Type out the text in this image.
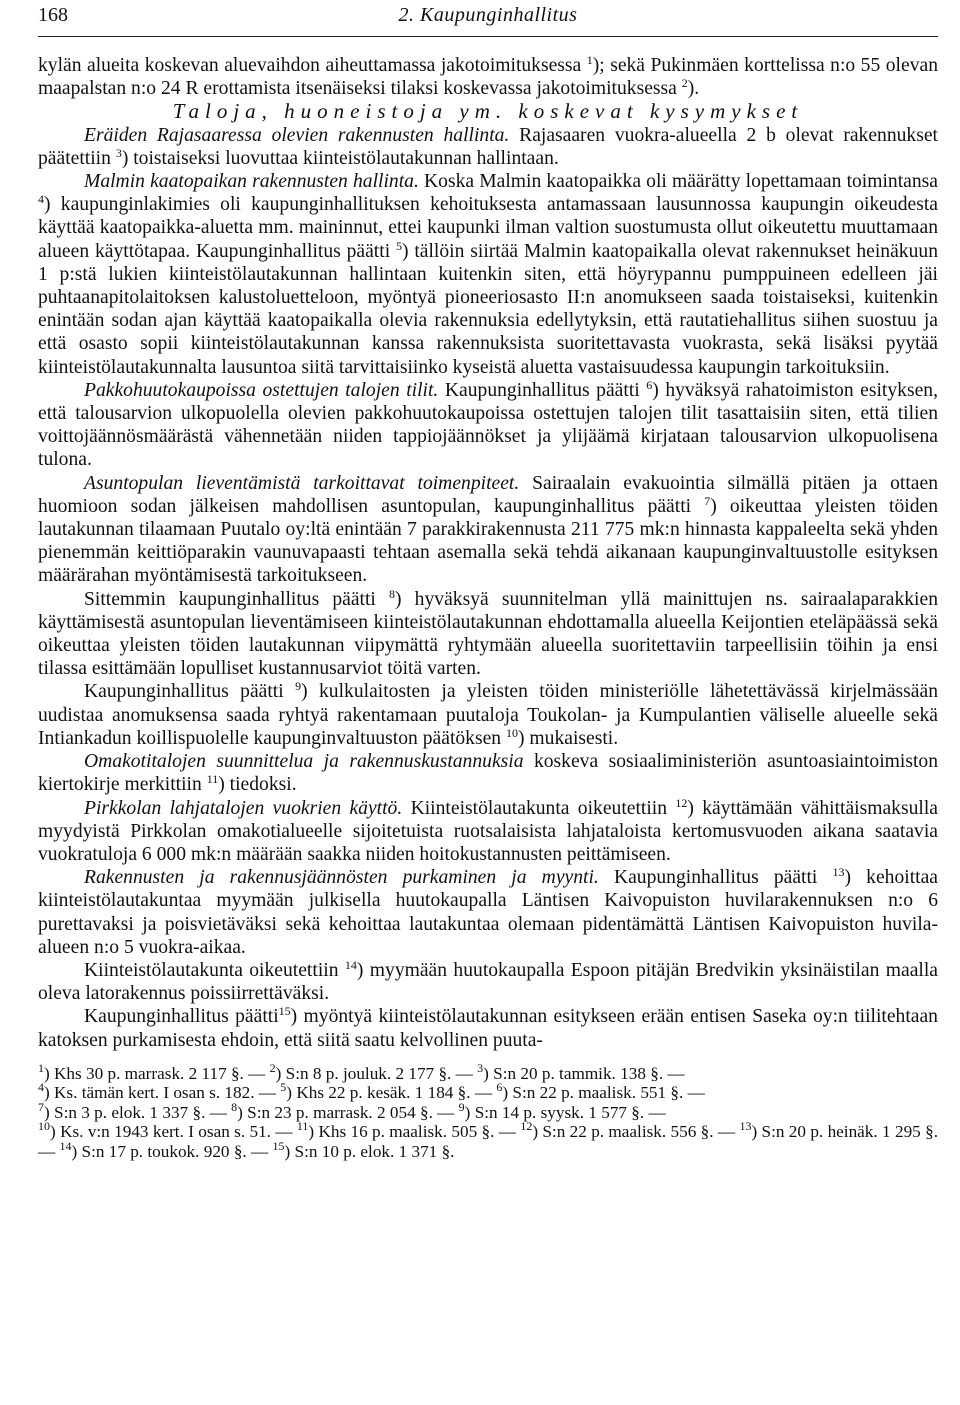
168	2. Kaupunginhallitus

kylän alueita koskevan aluevaihdon aiheuttamassa jakotoimituksessa $^1$); sekä Pukinmäen korttelissa n:o 55 olevan maapalstan n:o 24 R erottamista itsenäiseksi tilaksi koskevassa jakotoimituksessa $^2$).

Taloja, huoneistoja ym. koskevat kysymykset

Eräiden Rajasaaressa olevien rakennusten hallinta. Rajasaaren vuokra-alueella 2 b olevat rakennukset päätettiin $^3$) toistaiseksi luovuttaa kiinteistölautakunnan hallintaan.

Malmin kaatopaikan rakennusten hallinta. Koska Malmin kaatopaikka oli määrätty lopettamaan toimintansa $^4$) kaupunginlakimies oli kaupunginhallituksen kehoituksesta antamassaan lausunnossa kaupungin oikeudesta käyttää kaatopaikka-aluetta mm. maininnut, ettei kaupunki ilman valtion suostumusta ollut oikeutettu muuttamaan alueen käyttötapaa. Kaupunginhallitus päätti $^5$) tällöin siirtää Malmin kaatopaikalla olevat rakennukset heinäkuun 1 p:stä lukien kiinteistölautakunnan hallintaan kuitenkin siten, että höyrypannu pumppuineen edelleen jäi puhtaanapitolaitoksen kalustoluetteloon, myöntyä pioneeriosasto II:n anomukseen saada toistaiseksi, kuitenkin enintään sodan ajan käyttää kaatopaikalla olevia rakennuksia edellytyksin, että rautatiehallitus siihen suostuu ja että osasto sopii kiinteistölautakunnan kanssa rakennuksista suoritettavasta vuokrasta, sekä lisäksi pyytää kiinteistölautakunnalta lausuntoa siitä tarvittaisiinko kyseistä aluetta vastaisuudessa kaupungin tarkoituksiin.

Pakkohuutokaupoissa ostettujen talojen tilit. Kaupunginhallitus päätti $^6$) hyväksyä rahatoimiston esityksen, että talousarvion ulkopuolella olevien pakkohuutokaupoissa ostettujen talojen tilit tasattaisiin siten, että tilien voittojäännösmäärästä vähennetään niiden tappiojäännökset ja ylijäämä kirjataan talousarvion ulkopuolisena tulona.

Asuntopulan lieventämistä tarkoittavat toimenpiteet. Sairaalain evakuointia silmällä pitäen ja ottaen huomioon sodan jälkeisen mahdollisen asuntopulan, kaupunginhallitus päätti $^7$) oikeuttaa yleisten töiden lautakunnan tilaamaan Puutalo oy:ltä enintään 7 parakkirakennusta 211 775 mk:n hinnasta kappaleelta sekä yhden pienemmän keittiöparakin vaunuvapaasti tehtaan asemalla sekä tehdä aikanaan kaupunginvaltuustolle esityksen määrärahan myöntämisestä tarkoitukseen.

Sittemmin kaupunginhallitus päätti $^8$) hyväksyä suunnitelman yllä mainittujen ns. sairaalaparakkien käyttämisestä asuntopulan lieventämiseen kiinteistölautakunnan ehdottamalla alueella Keijontien eteläpäässä sekä oikeuttaa yleisten töiden lautakunnan viipymättä ryhtymään alueella suoritettaviin tarpeellisiin töihin ja ensi tilassa esittämään lopulliset kustannusarviot töitä varten.

Kaupunginhallitus päätti $^9$) kulkulaitosten ja yleisten töiden ministeriölle lähetettävässä kirjelmässään uudistaa anomuksensa saada ryhtyä rakentamaan puutaloja Toukolan- ja Kumpulantien väliselle alueelle sekä Intiankadun koillispuolelle kaupunginvaltuuston päätöksen $^{10}$) mukaisesti.

Omakotitalojen suunnittelua ja rakennuskustannuksia koskeva sosiaaliministeriön asuntoasiaintoimiston kiertokirje merkittiin $^{11}$) tiedoksi.

Pirkkolan lahjatalojen vuokrien käyttö. Kiinteistölautakunta oikeutettiin $^{12}$) käyttämään vähittäismaksulla myydyistä Pirkkolan omakotialueelle sijoitetuista ruotsalaisista lahjataloista kertomusvuoden aikana saatavia vuokratuloja 6 000 mk:n määrään saakka niiden hoitokustannusten peittämiseen.

Rakennusten ja rakennusjäännösten purkaminen ja myynti. Kaupunginhallitus päätti $^{13}$) kehoittaa kiinteistölautakuntaa myymään julkisella huutokaupalla Läntisen Kaivopuiston huvilarakennuksen n:o 6 purettavaksi ja poisvietäväksi sekä kehoittaa lautakuntaa olemaan pidentämättä Läntisen Kaivopuiston huvila-alueen n:o 5 vuokra-aikaa.

Kiinteistölautakunta oikeutettiin $^{14}$) myymään huutokaupalla Espoon pitäjän Bredvikin yksinäistilan maalla oleva latorakennus poissiirrettäväksi.

Kaupunginhallitus päätti$^{15}$) myöntyä kiinteistölautakunnan esitykseen erään entisen Saseka oy:n tiilitehtaan katoksen purkamisesta ehdoin, että siitä saatu kelvollinen puuta-

$^1$) Khs 30 p. marrask. 2 117 §. — $^2$) S:n 8 p. jouluk. 2 177 §. — $^3$) S:n 20 p. tammik. 138 §. —

$^4$) Ks. tämän kert. I osan s. 182. — $^5$) Khs 22 p. kesäk. 1 184 §. — $^6$) S:n 22 p. maalisk. 551 §. —

$^7$) S:n 3 p. elok. 1 337 §. — $^8$) S:n 23 p. marrask. 2 054 §. — $^9$) S:n 14 p. syysk. 1 577 §. —

$^{10}$) Ks. v:n 1943 kert. I osan s. 51. — $^{11}$) Khs 16 p. maalisk. 505 §. — $^{12}$) S:n 22 p. maalisk. 556 §. — $^{13}$) S:n 20 p. heinäk. 1 295 §. — $^{14}$) S:n 17 p. toukok. 920 §. — $^{15}$) S:n 10 p. elok. 1 371 §.
